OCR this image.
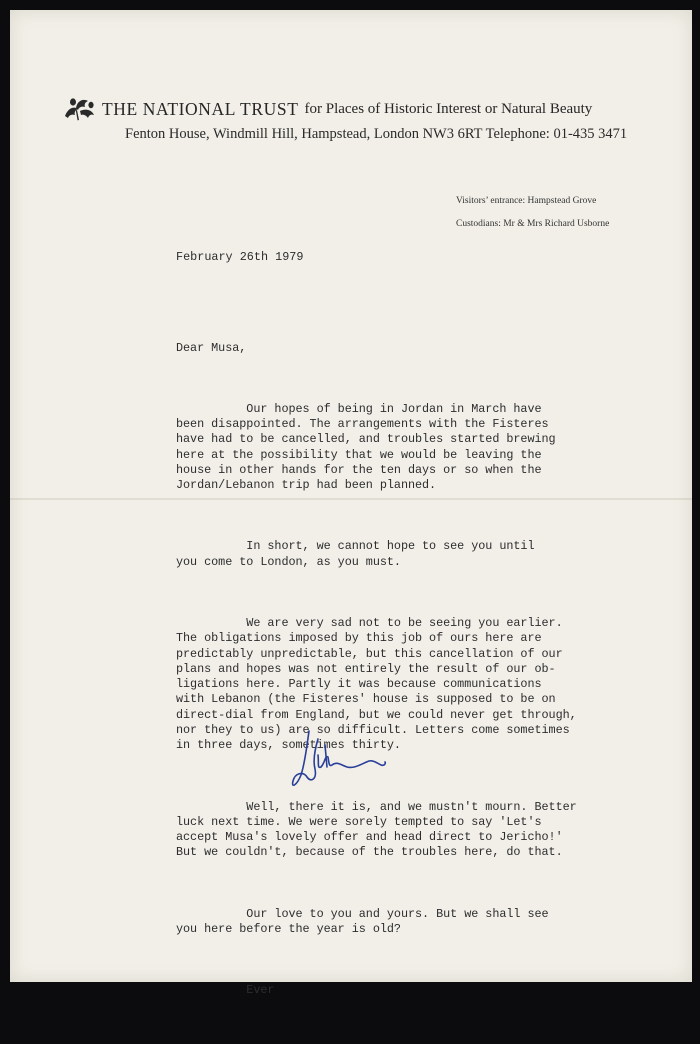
THE NATIONAL TRUST for Places of Historic Interest or Natural Beauty
Fenton House, Windmill Hill, Hampstead, London NW3 6RT Telephone: 01-435 3471
Visitors’ entrance: Hampstead Grove
Custodians: Mr & Mrs Richard Usborne
February 26th 1979

Dear Musa,

Our hopes of being in Jordan in March have
been disappointed. The arrangements with the Fisteres
have had to be cancelled, and troubles started brewing
here at the possibility that we would be leaving the
house in other hands for the ten days or so when the
Jordan/Lebanon trip had been planned.

In short, we cannot hope to see you until
you come to London, as you must.

We are very sad not to be seeing you earlier.
The obligations imposed by this job of ours here are
predictably unpredictable, but this cancellation of our
plans and hopes was not entirely the result of our ob-
ligations here. Partly it was because communications
with Lebanon (the Fisteres' house is supposed to be on
direct-dial from England, but we could never get through,
nor they to us) are so difficult. Letters come sometimes
in three days, sometimes thirty.

Well, there it is, and we mustn't mourn. Better
luck next time. We were sorely tempted to say 'Let's
accept Musa's lovely offer and head direct to Jericho!'
But we couldn't, because of the troubles here, do that.

Our love to you and yours. But we shall see
you here before the year is old?

Ever
